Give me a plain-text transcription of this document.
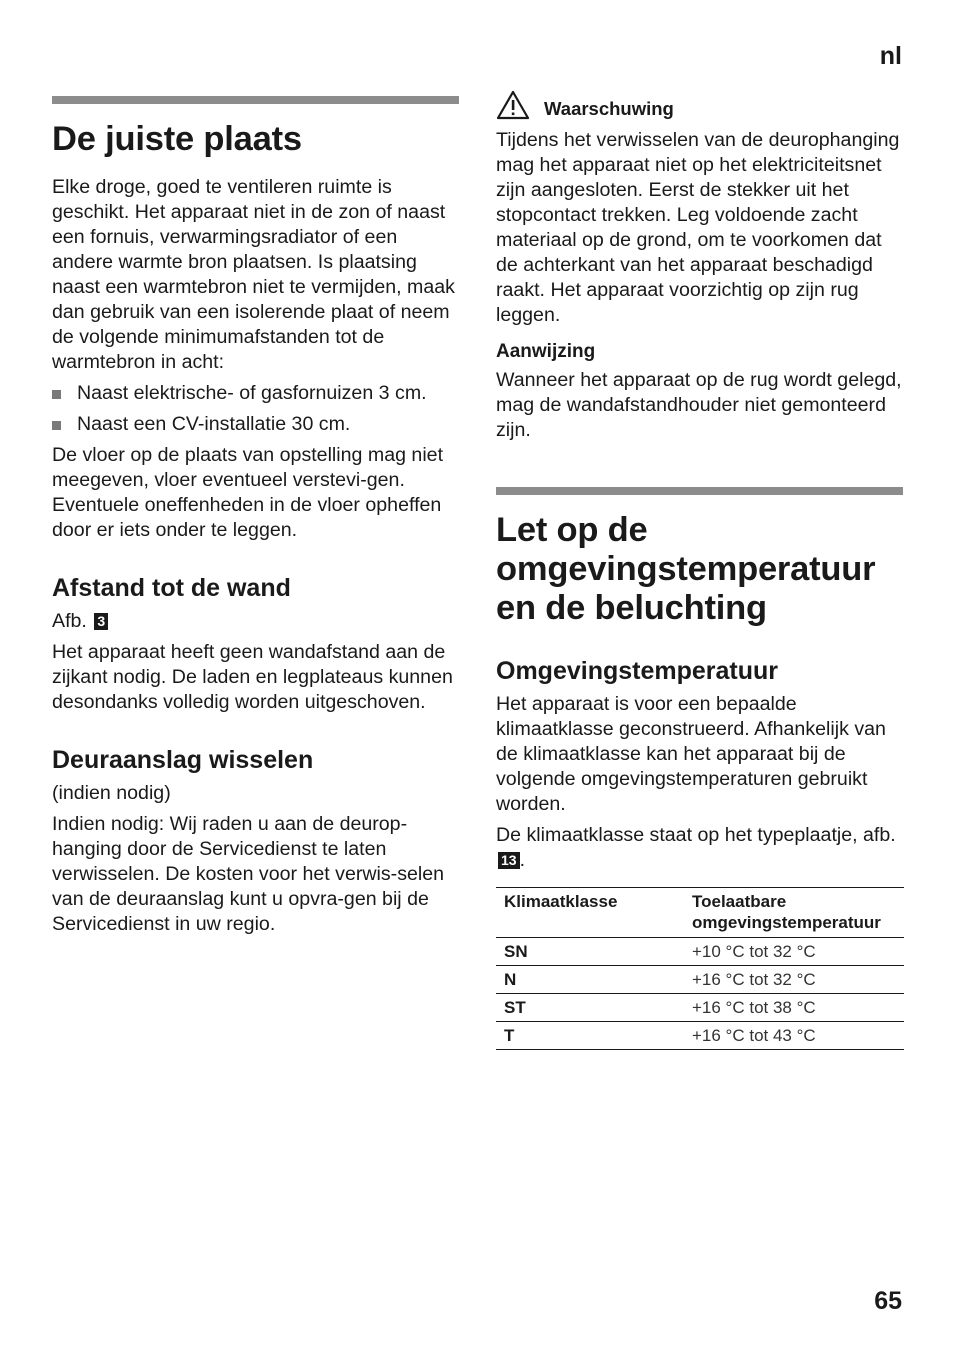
nl
De juiste plaats

Elke droge, goed te ventileren ruimte is geschikt. Het apparaat niet in de zon of naast een fornuis, verwarmingsradiator of een andere warmte bron plaatsen. Is plaatsing naast een warmtebron niet te vermijden, maak dan gebruik van een isolerende plaat of neem de volgende minimumafstanden tot de warmtebron in acht:

Naast elektrische- of gasfornuizen 3 cm.
Naast een CV-installatie 30 cm.

De vloer op de plaats van opstelling mag niet meegeven, vloer eventueel verstevi-gen. Eventuele oneffenheden in de vloer opheffen door er iets onder te leggen.

Afstand tot de wand

Afb. 3

Het apparaat heeft geen wandafstand aan de zijkant nodig. De laden en legplateaus kunnen desondanks volledig worden uitgeschoven.

Deuraanslag wisselen

(indien nodig)

Indien nodig: Wij raden u aan de deurop-hanging door de Servicedienst te laten verwisselen. De kosten voor het verwis-selen van de deuraanslag kunt u opvra-gen bij de Servicedienst in uw regio.

Waarschuwing

Tijdens het verwisselen van de deurophanging mag het apparaat niet op het elektriciteitsnet zijn aangesloten. Eerst de stekker uit het stopcontact trekken. Leg voldoende zacht materiaal op de grond, om te voorkomen dat de achterkant van het apparaat beschadigd raakt. Het apparaat voorzichtig op zijn rug leggen.

Aanwijzing

Wanneer het apparaat op de rug wordt gelegd, mag de wandafstandhouder niet gemonteerd zijn.

Let op de omgevingstemperatuur en de beluchting
Omgevingstemperatuur

Het apparaat is voor een bepaalde klimaatklasse geconstrueerd. Afhankelijk van de klimaatklasse kan het apparaat bij de volgende omgevingstemperaturen gebruikt worden.

De klimaatklasse staat op het typeplaatje, afb. 13 .

Klimaatklasse	Toelaatbare omgevingstemperatuur
SN	+10 °C tot 32 °C
N	+16 °C tot 32 °C
ST	+16 °C tot 38 °C
T	+16 °C tot 43 °C
65
